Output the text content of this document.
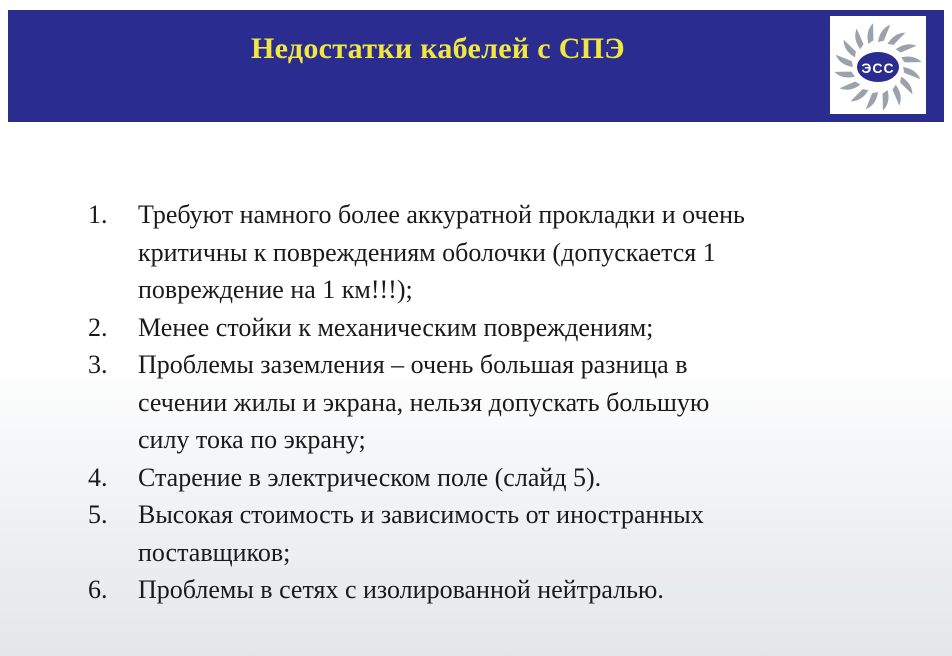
Недостатки кабелей с СПЭ
ЭСС
1.	Требуют намного более аккуратной прокладки и очень
критичны к повреждениям оболочки (допускается 1
повреждение на 1 км!!!);
2.	Менее стойки к механическим повреждениям;
3.	Проблемы заземления – очень большая разница в
сечении жилы и экрана, нельзя допускать большую
силу тока по экрану;
4.	Старение в электрическом поле (слайд 5).
5.	Высокая стоимость и зависимость от иностранных
поставщиков;
6.	Проблемы в сетях с изолированной нейтралью.
